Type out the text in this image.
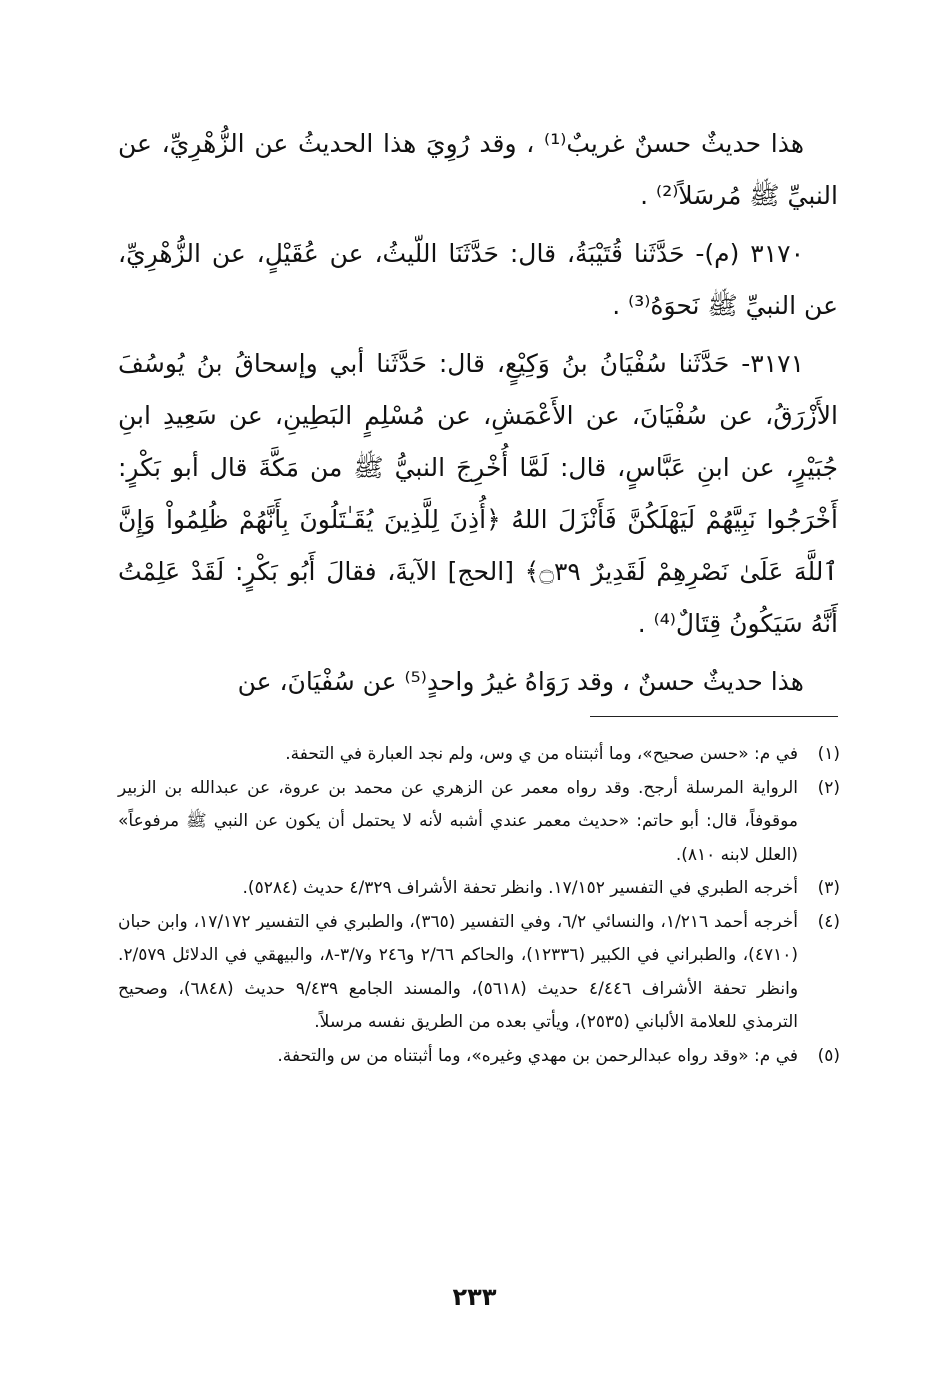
هذا حديثٌ حسنٌ غريبٌ⁽¹⁾ ، وقد رُوِيَ هذا الحديثُ عن الزُّهْرِيِّ، عن النبيِّ ﷺ مُرسَلاً⁽²⁾ .

٣١٧٠ (م)- حَدَّثَنا قُتَيْبَةُ، قال: حَدَّثَنَا اللّيثُ، عن عُقَيْلٍ، عن الزُّهْرِيِّ، عن النبيِّ ﷺ نَحوَهُ⁽³⁾ .

٣١٧١- حَدَّثَنا سُفْيَانُ بنُ وَكِيْعٍ، قال: حَدَّثَنا أبي وإسحاقُ بنُ يُوسُفَ الأَزْرَقُ، عن سُفْيَانَ، عن الأَعْمَشِ، عن مُسْلِمٍ البَطِينِ، عن سَعِيدِ ابنِ جُبَيْرٍ، عن ابنِ عَبَّاسٍ، قال: لَمَّا أُخْرِجَ النبيُّ ﷺ من مَكَّةَ قال أبو بَكْرٍ: أَخْرَجُوا نَبِيَّهُمْ لَيَهْلَكُنَّ فَأَنْزَلَ اللهُ ﴿أُذِنَ لِلَّذِينَ يُقَـٰتَلُونَ بِأَنَّهُمْ ظُلِمُواْ وَإِنَّ ٱللَّهَ عَلَىٰ نَصْرِهِمْ لَقَدِيرٌ ۝٣٩﴾ [الحج] الآيةَ، فقالَ أَبُو بَكْرٍ: لَقَدْ عَلِمْتُ أَنَّهُ سَيَكُونُ قِتَالٌ⁽⁴⁾ .

هذا حديثٌ حسنٌ ، وقد رَوَاهُ غيرُ واحدٍ⁽⁵⁾ عن سُفْيَانَ، عن

(١)
في م: «حسن صحيح»، وما أثبتناه من ي وس، ولم نجد العبارة في التحفة.
(٢)
الرواية المرسلة أرجح. وقد رواه معمر عن الزهري عن محمد بن عروة، عن عبدالله بن الزبير موقوفاً، قال: أبو حاتم: «حديث معمر عندي أشبه لأنه لا يحتمل أن يكون عن النبي ﷺ مرفوعاً» (العلل لابنه ٨١٠).
(٣)
أخرجه الطبري في التفسير ١٧/١٥٢. وانظر تحفة الأشراف ٤/٣٢٩ حديث (٥٢٨٤).
(٤)
أخرجه أحمد ١/٢١٦، والنسائي ٦/٢، وفي التفسير (٣٦٥)، والطبري في التفسير ١٧/١٧٢، وابن حبان (٤٧١٠)، والطبراني في الكبير (١٢٣٣٦)، والحاكم ٢/٦٦ و٢٤٦ و٣/٧-٨، والبيهقي في الدلائل ٢/٥٧٩. وانظر تحفة الأشراف ٤/٤٤٦ حديث (٥٦١٨)، والمسند الجامع ٩/٤٣٩ حديث (٦٨٤٨)، وصحيح الترمذي للعلامة الألباني (٢٥٣٥)، ويأتي بعده من الطريق نفسه مرسلاً.
(٥)
في م: «وقد رواه عبدالرحمن بن مهدي وغيره»، وما أثبتناه من س والتحفة.
٢٣٣
